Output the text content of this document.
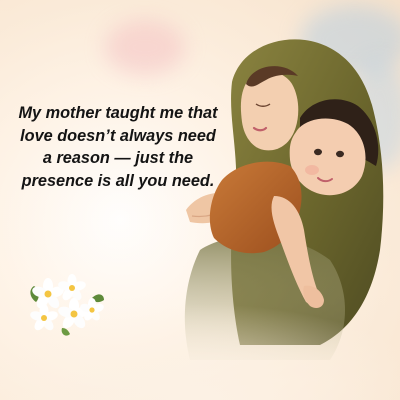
My mother taught me that
love doesn’t always need
a reason — just the
presence is all you need.
